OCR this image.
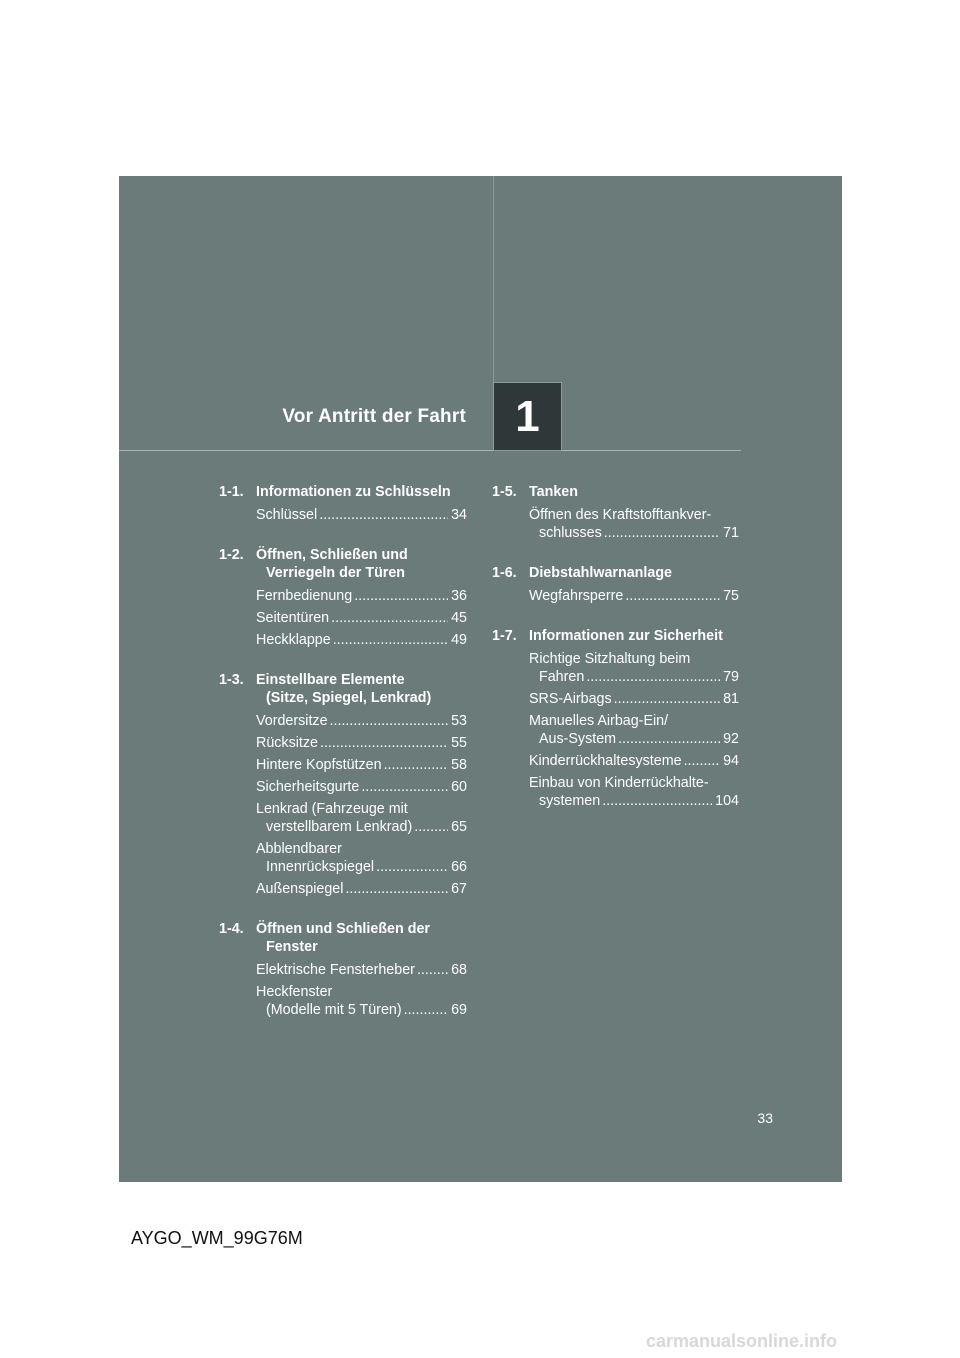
Vor Antritt der Fahrt 1
1-1. Informationen zu Schlüsseln
Schlüssel .....	34
1-2. Öffnen, Schließen und
Verriegeln der Türen
Fernbedienung .....	36
Seitentüren .....	45
Heckklappe .....	49
1-3. Einstellbare Elemente
(Sitze, Spiegel, Lenkrad)
Vordersitze .....	53
Rücksitze .....	55
Hintere Kopfstützen .....	58
Sicherheitsgurte .....	60
Lenkrad (Fahrzeuge mit
verstellbarem Lenkrad) .....	65
Abblendbarer
Innenrückspiegel .....	66
Außenspiegel .....	67
1-4. Öffnen und Schließen der
Fenster
Elektrische Fensterheber .....	68
Heckfenster
(Modelle mit 5 Türen) .....	69
1-5. Tanken
Öffnen des Kraftstofftankver-
schlusses .....	71
1-6. Diebstahlwarnanlage
Wegfahrsperre .....	75
1-7. Informationen zur Sicherheit
Richtige Sitzhaltung beim
Fahren .....	79
SRS-Airbags .....	81
Manuelles Airbag-Ein/
Aus-System .....	92
Kinderrückhaltesysteme .....	94
Einbau von Kinderrückhalte-
systemen .....	104
33
AYGO_WM_99G76M
carmanualsonline.info
